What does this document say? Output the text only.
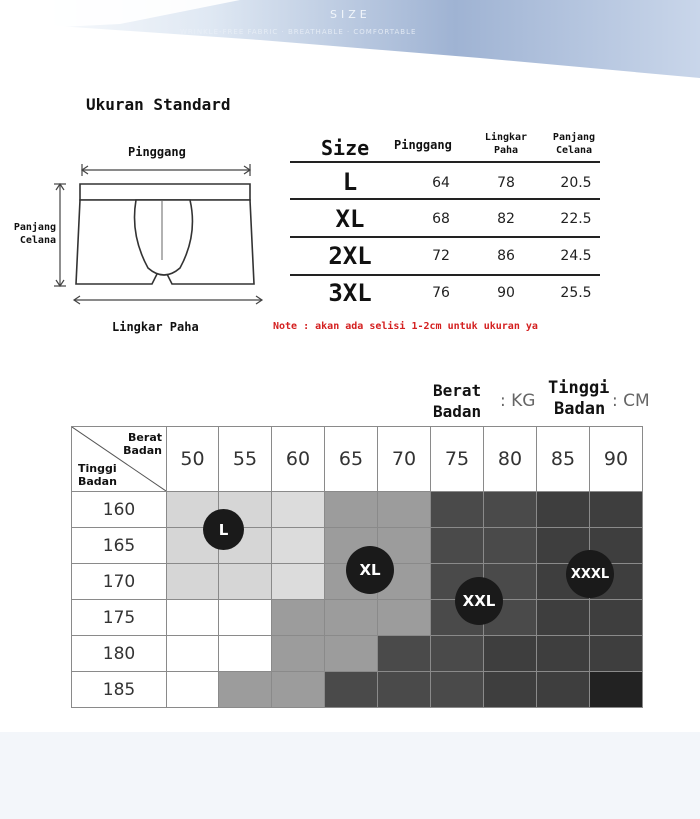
SIZE
WRINKLE-FREE FABRIC · BREATHABLE · COMFORTABLE
Ukuran Standard
Pinggang
Panjang
Celana
Lingkar Paha
Size Pinggang
Lingkar
Paha
Panjang
Celana
L	64	78	20.5
XL	68	82	22.5
2XL	72	86	24.5
3XL	76	90	25.5
Note : akan ada selisi 1-2cm untuk ukuran ya
Berat
Badan
: KG
Tinggi
Badan : CM
Berat
Badan
Tinggi
Badan	50	55	60	65	70	75	80	85	90
160									
165									
170									
175									
180									
185									
L
XL
XXL
XXXL
